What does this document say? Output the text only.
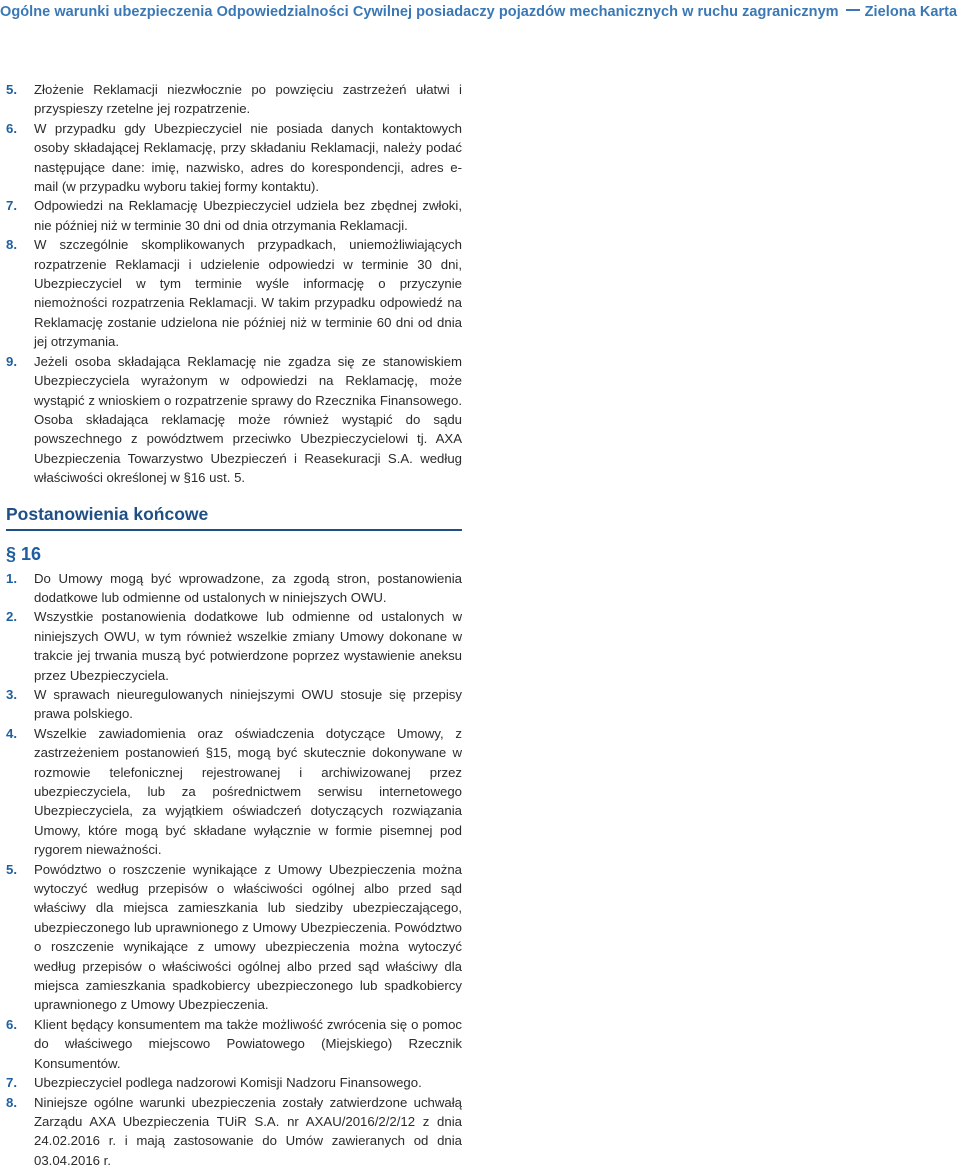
Ogólne warunki ubezpieczenia Odpowiedzialności Cywilnej posiadaczy pojazdów mechanicznych w ruchu zagranicznym Zielona Karta
5.	Złożenie Reklamacji niezwłocznie po powzięciu zastrzeżeń ułatwi i przyspieszy rzetelne jej rozpatrzenie.
6.	W przypadku gdy Ubezpieczyciel nie posiada danych kontaktowych osoby składającej Reklamację, przy składaniu Reklamacji, należy podać następujące dane: imię, nazwisko, adres do korespondencji, adres e-mail (w przypadku wyboru takiej formy kontaktu).
7.	Odpowiedzi na Reklamację Ubezpieczyciel udziela bez zbędnej zwłoki, nie później niż w terminie 30 dni od dnia otrzymania Reklamacji.
8.	W szczególnie skomplikowanych przypadkach, uniemożliwiających rozpatrzenie Reklamacji i udzielenie odpowiedzi w terminie 30 dni, Ubezpieczyciel w tym terminie wyśle informację o przyczynie niemożności rozpatrzenia Reklamacji. W takim przypadku odpowiedź na Reklamację zostanie udzielona nie później niż w terminie 60 dni od dnia jej otrzymania.
9.	Jeżeli osoba składająca Reklamację nie zgadza się ze stanowiskiem Ubezpieczyciela wyrażonym w odpowiedzi na Reklamację, może wystąpić z wnioskiem o rozpatrzenie sprawy do Rzecznika Finansowego. Osoba składająca reklamację może również wystąpić do sądu powszechnego z powództwem przeciwko Ubezpieczycielowi tj. AXA Ubezpieczenia Towarzystwo Ubezpieczeń i Reasekuracji S.A. według właściwości określonej w §16 ust. 5.
Postanowienia końcowe
§ 16
1.	Do Umowy mogą być wprowadzone, za zgodą stron, postanowienia dodatkowe lub odmienne od ustalonych w niniejszych OWU.
2.	Wszystkie postanowienia dodatkowe lub odmienne od ustalonych w niniejszych OWU, w tym również wszelkie zmiany Umowy dokonane w trakcie jej trwania muszą być potwierdzone poprzez wystawienie aneksu przez Ubezpieczyciela.
3.	W sprawach nieuregulowanych niniejszymi OWU stosuje się przepisy prawa polskiego.
4.	Wszelkie zawiadomienia oraz oświadczenia dotyczące Umowy, z zastrzeżeniem postanowień §15, mogą być skutecznie dokonywane w rozmowie telefonicznej rejestrowanej i archiwizowanej przez ubezpieczyciela, lub za pośrednictwem serwisu internetowego Ubezpieczyciela, za wyjątkiem oświadczeń dotyczących rozwiązania Umowy, które mogą być składane wyłącznie w formie pisemnej pod rygorem nieważności.
5.	Powództwo o roszczenie wynikające z Umowy Ubezpieczenia można wytoczyć według przepisów o właściwości ogólnej albo przed sąd właściwy dla miejsca zamieszkania lub siedziby ubezpieczającego, ubezpieczonego lub uprawnionego z Umowy Ubezpieczenia. Powództwo o roszczenie wynikające z umowy ubezpieczenia można wytoczyć według przepisów o właściwości ogólnej albo przed sąd właściwy dla miejsca zamieszkania spadkobiercy ubezpieczonego lub spadkobiercy uprawnionego z Umowy Ubezpieczenia.
6.	Klient będący konsumentem ma także możliwość zwrócenia się o pomoc do właściwego miejscowo Powiatowego (Miejskiego) Rzecznik Konsumentów.
7.	Ubezpieczyciel podlega nadzorowi Komisji Nadzoru Finansowego.
8.	Niniejsze ogólne warunki ubezpieczenia zostały zatwierdzone uchwałą Zarządu AXA Ubezpieczenia TUiR S.A. nr AXAU/2016/2/2/12 z dnia 24.02.2016 r. i mają zastosowanie do Umów zawieranych od dnia 03.04.2016 r.
